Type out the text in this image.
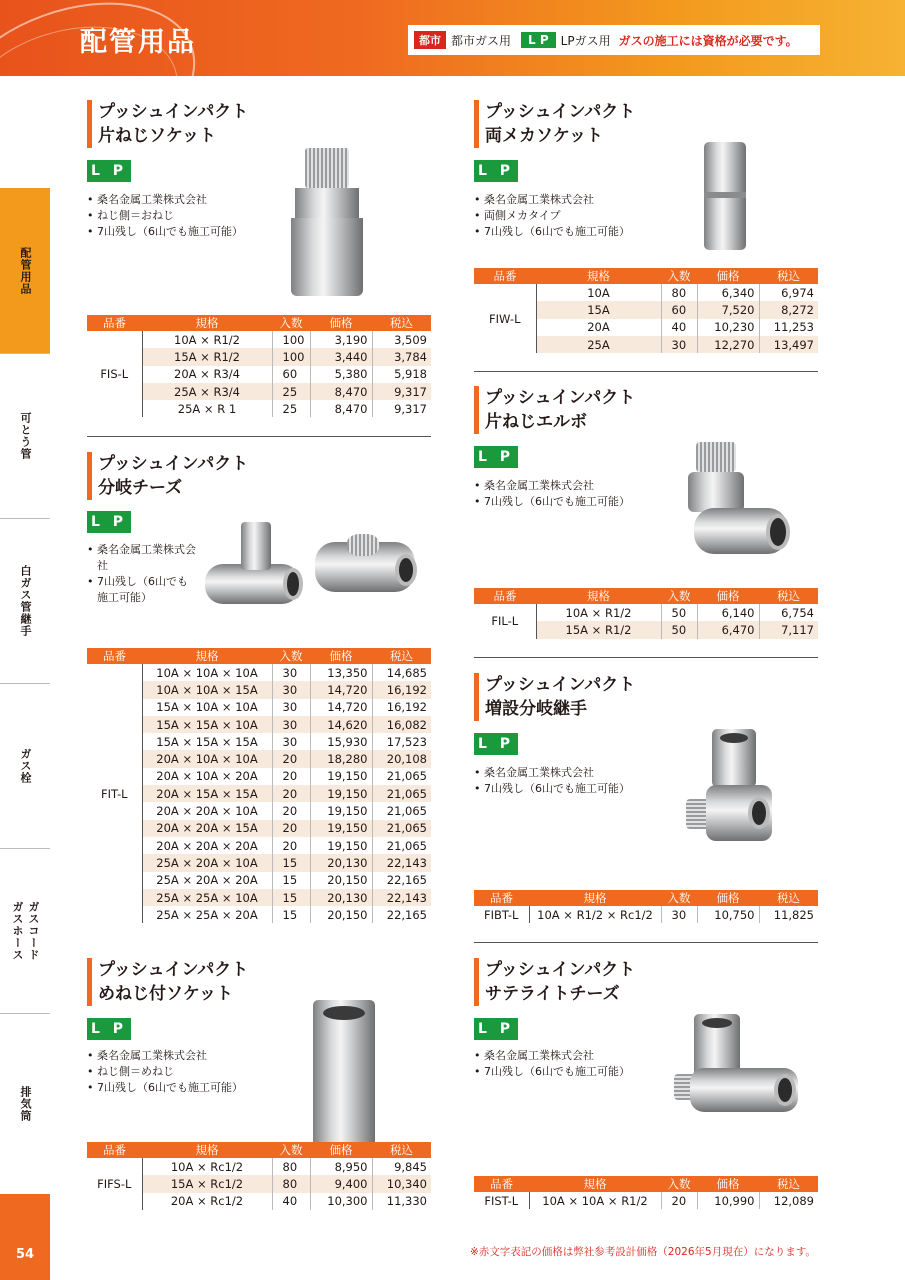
配管用品	都市 都市ガス用	L P	LPガス用 ガスの施工には資格が必要です。
配管用品
可とう管
白ガス管継手
ガス栓
ガスコード
ガスホース
排気筒
54
プッシュインパクト
片ねじソケット
L P
• 桑名金属工業株式会社
• ねじ側＝おねじ
• 7山残し（6山でも施工可能）
品番	規格	入数	価格	税込
FIS-L	10A × R1/2	100	3,190	3,509
	15A × R1/2	100	3,440	3,784
	20A × R3/4	60	5,380	5,918
	25A × R3/4	25	8,470	9,317
	25A × R 1	25	8,470	9,317
プッシュインパクト
分岐チーズ
L P
• 桑名金属工業株式会社
• 7山残し（6山でも施工可能）
品番	規格	入数	価格	税込
FIT-L	10A × 10A × 10A	30	13,350	14,685
	10A × 10A × 15A	30	14,720	16,192
	15A × 10A × 10A	30	14,720	16,192
	15A × 15A × 10A	30	14,620	16,082
	15A × 15A × 15A	30	15,930	17,523
	20A × 10A × 10A	20	18,280	20,108
	20A × 10A × 20A	20	19,150	21,065
	20A × 15A × 15A	20	19,150	21,065
	20A × 20A × 10A	20	19,150	21,065
	20A × 20A × 15A	20	19,150	21,065
	20A × 20A × 20A	20	19,150	21,065
	25A × 20A × 10A	15	20,130	22,143
	25A × 20A × 20A	15	20,150	22,165
	25A × 25A × 10A	15	20,130	22,143
	25A × 25A × 20A	15	20,150	22,165
プッシュインパクト
めねじ付ソケット
L P
• 桑名金属工業株式会社
• ねじ側＝めねじ
• 7山残し（6山でも施工可能）
品番	規格	入数	価格	税込
FIFS-L	10A × Rc1/2	80	8,950	9,845
	15A × Rc1/2	80	9,400	10,340
	20A × Rc1/2	40	10,300	11,330
プッシュインパクト
両メカソケット
L P
• 桑名金属工業株式会社
• 両側メカタイプ
• 7山残し（6山でも施工可能）
品番	規格	入数	価格	税込
FIW-L	10A	80	6,340	6,974
	15A	60	7,520	8,272
	20A	40	10,230	11,253
	25A	30	12,270	13,497
プッシュインパクト
片ねじエルボ
L P
• 桑名金属工業株式会社
• 7山残し（6山でも施工可能）
品番	規格	入数	価格	税込
FIL-L	10A × R1/2	50	6,140	6,754
	15A × R1/2	50	6,470	7,117
プッシュインパクト
増設分岐継手
L P
• 桑名金属工業株式会社
• 7山残し（6山でも施工可能）
品番	規格	入数	価格	税込
FIBT-L	10A × R1/2 × Rc1/2	30	10,750	11,825
プッシュインパクト
サテライトチーズ
L P
• 桑名金属工業株式会社
• 7山残し（6山でも施工可能）
品番	規格	入数	価格	税込
FIST-L	10A × 10A × R1/2	20	10,990	12,089
※赤文字表記の価格は弊社参考設計価格（2026年5月現在）になります。
